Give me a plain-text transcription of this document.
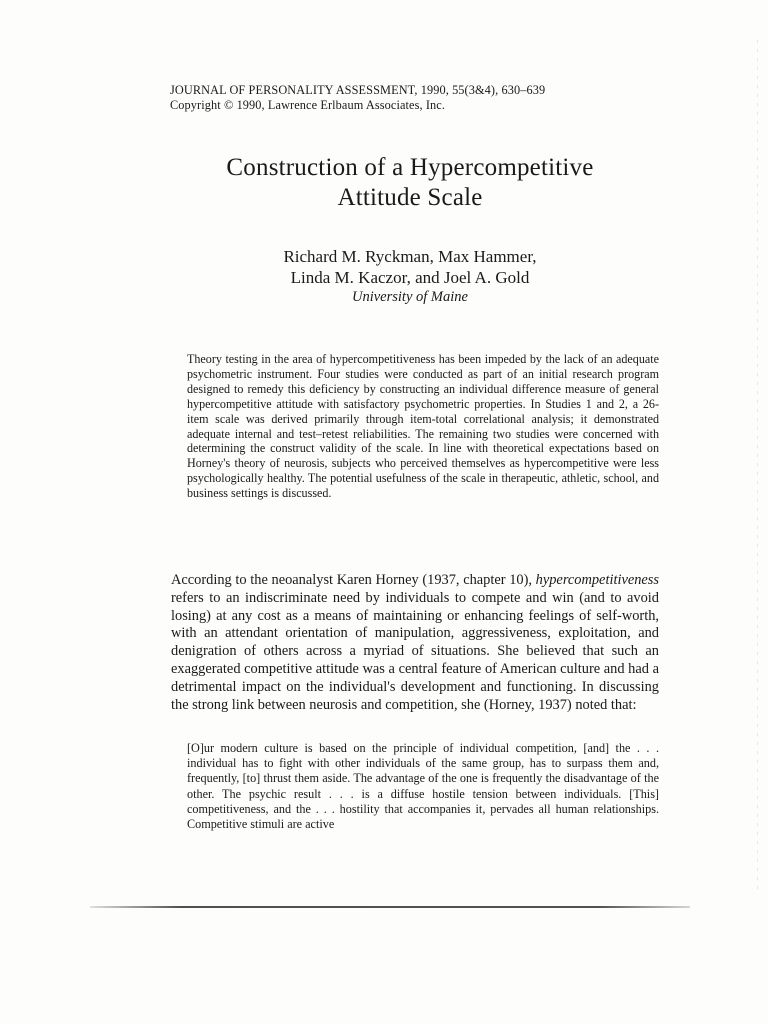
JOURNAL OF PERSONALITY ASSESSMENT, 1990, 55(3&4), 630–639
Copyright © 1990, Lawrence Erlbaum Associates, Inc.
Construction of a Hypercompetitive
Attitude Scale
Richard M. Ryckman, Max Hammer,
Linda M. Kaczor, and Joel A. Gold
University of Maine
Theory testing in the area of hypercompetitiveness has been impeded by the lack of an adequate psychometric instrument. Four studies were conducted as part of an initial research program designed to remedy this deficiency by constructing an individual difference measure of general hypercompetitive attitude with satisfactory psychometric properties. In Studies 1 and 2, a 26-item scale was derived primarily through item-total correlational analysis; it demonstrated adequate internal and test–retest reliabilities. The remaining two studies were concerned with determining the construct validity of the scale. In line with theoretical expectations based on Horney's theory of neurosis, subjects who perceived themselves as hypercompetitive were less psychologically healthy. The potential usefulness of the scale in therapeutic, athletic, school, and business settings is discussed.
According to the neoanalyst Karen Horney (1937, chapter 10), hypercompetitiveness refers to an indiscriminate need by individuals to compete and win (and to avoid losing) at any cost as a means of maintaining or enhancing feelings of self-worth, with an attendant orientation of manipulation, aggressiveness, exploitation, and denigration of others across a myriad of situations. She believed that such an exaggerated competitive attitude was a central feature of American culture and had a detrimental impact on the individual's development and functioning. In discussing the strong link between neurosis and competition, she (Horney, 1937) noted that:
[O]ur modern culture is based on the principle of individual competition, [and] the . . . individual has to fight with other individuals of the same group, has to surpass them and, frequently, [to] thrust them aside. The advantage of the one is frequently the disadvantage of the other. The psychic result . . . is a diffuse hostile tension between individuals. [This] competitiveness, and the . . . hostility that accompanies it, pervades all human relationships. Competitive stimuli are active
